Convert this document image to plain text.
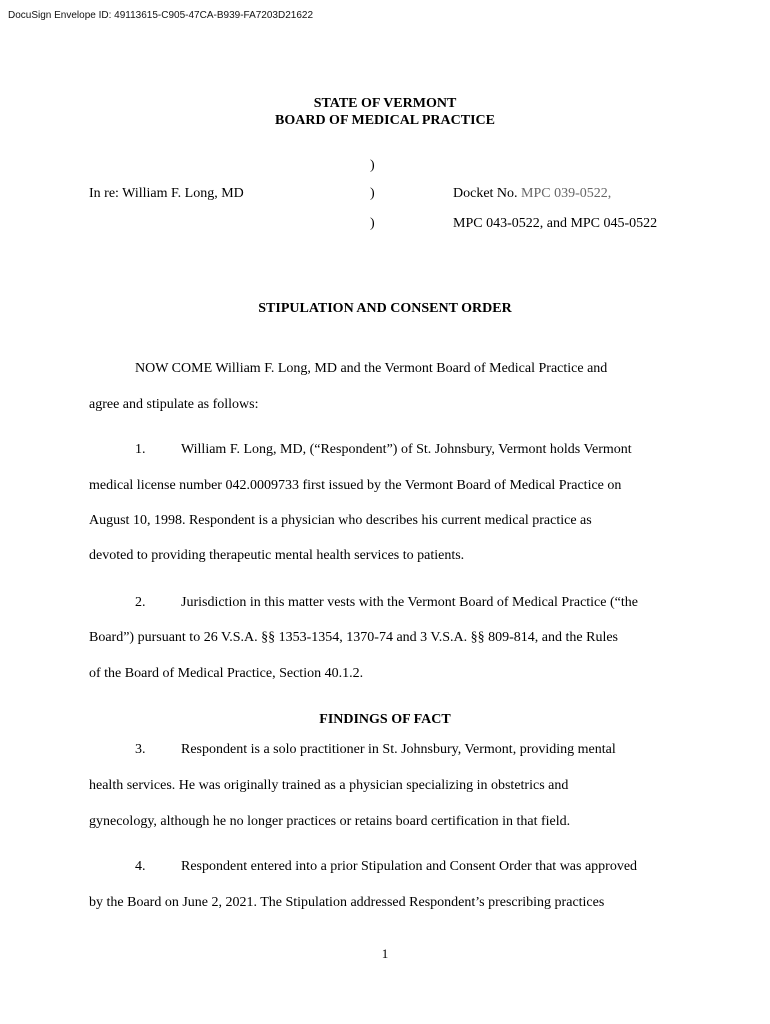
DocuSign Envelope ID: 49113615-C905-47CA-B939-FA7203D21622
STATE OF VERMONT
BOARD OF MEDICAL PRACTICE
)
In re: William F. Long, MD	)	Docket No. MPC 039-0522,
)	MPC 043-0522, and MPC 045-0522
STIPULATION AND CONSENT ORDER
NOW COME William F. Long, MD and the Vermont Board of Medical Practice and
agree and stipulate as follows:
1.	William F. Long, MD, (“Respondent”) of St. Johnsbury, Vermont holds Vermont
medical license number 042.0009733 first issued by the Vermont Board of Medical Practice on
August 10, 1998. Respondent is a physician who describes his current medical practice as
devoted to providing therapeutic mental health services to patients.
2.	Jurisdiction in this matter vests with the Vermont Board of Medical Practice (“the
Board”) pursuant to 26 V.S.A. §§ 1353-1354, 1370-74 and 3 V.S.A. §§ 809-814, and the Rules
of the Board of Medical Practice, Section 40.1.2.
FINDINGS OF FACT
3.	Respondent is a solo practitioner in St. Johnsbury, Vermont, providing mental
health services. He was originally trained as a physician specializing in obstetrics and
gynecology, although he no longer practices or retains board certification in that field.
4.	Respondent entered into a prior Stipulation and Consent Order that was approved
by the Board on June 2, 2021. The Stipulation addressed Respondent’s prescribing practices
1
